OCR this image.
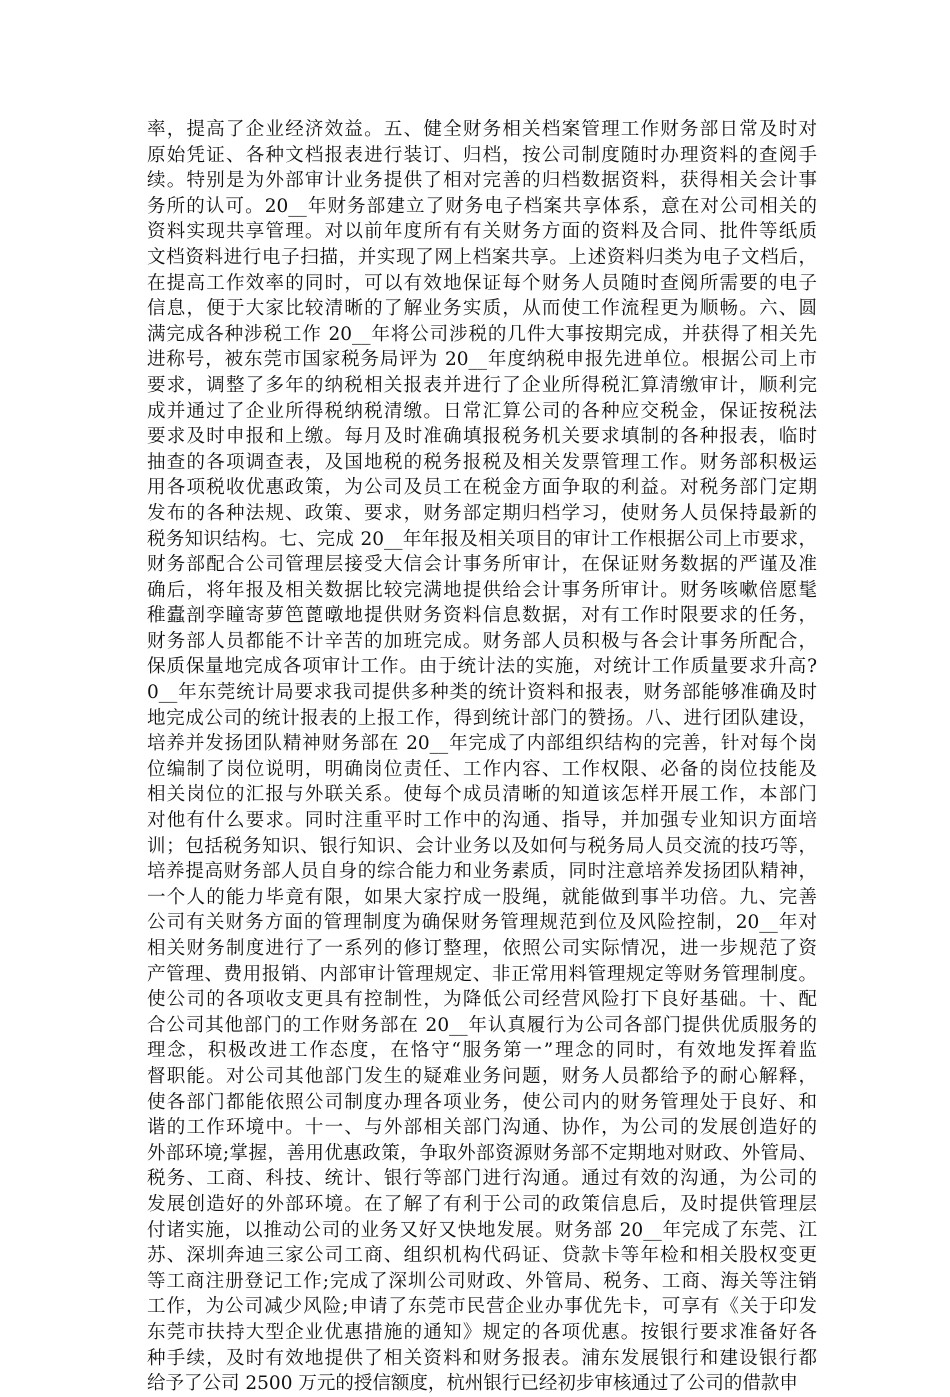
率，提高了企业经济效益。五、健全财务相关档案管理工作财务部日常及时对
原始凭证、各种文档报表进行装订、归档，按公司制度随时办理资料的查阅手
续。特别是为外部审计业务提供了相对完善的归档数据资料，获得相关会计事
务所的认可。20__年财务部建立了财务电子档案共享体系，意在对公司相关的
资料实现共享管理。对以前年度所有有关财务方面的资料及合同、批件等纸质
文档资料进行电子扫描，并实现了网上档案共享。上述资料归类为电子文档后，
在提高工作效率的同时，可以有效地保证每个财务人员随时查阅所需要的电子
信息，便于大家比较清晰的了解业务实质，从而使工作流程更为顺畅。六、圆
满完成各种涉税工作 20__年将公司涉税的几件大事按期完成，并获得了相关先
进称号，被东莞市国家税务局评为 20__年度纳税申报先进单位。根据公司上市
要求，调整了多年的纳税相关报表并进行了企业所得税汇算清缴审计，顺利完
成并通过了企业所得税纳税清缴。日常汇算公司的各种应交税金，保证按税法
要求及时申报和上缴。每月及时准确填报税务机关要求填制的各种报表，临时
抽查的各项调查表，及国地税的税务报税及相关发票管理工作。财务部积极运
用各项税收优惠政策，为公司及员工在税金方面争取的利益。对税务部门定期
发布的各种法规、政策、要求，财务部定期归档学习，使财务人员保持最新的
税务知识结构。七、完成 20__年年报及相关项目的审计工作根据公司上市要求，
财务部配合公司管理层接受大信会计事务所审计，在保证财务数据的严谨及准
确后，将年报及相关数据比较完满地提供给会计事务所审计。财务咳嗽倍愿髦
稚蠹剖孪瞳寄萝笆蓖暾地提供财务资料信息数据，对有工作时限要求的任务，
财务部人员都能不计辛苦的加班完成。财务部人员积极与各会计事务所配合，
保质保量地完成各项审计工作。由于统计法的实施，对统计工作质量要求升高?
0__年东莞统计局要求我司提供多种类的统计资料和报表，财务部能够准确及时
地完成公司的统计报表的上报工作，得到统计部门的赞扬。八、进行团队建设，
培养并发扬团队精神财务部在 20__年完成了内部组织结构的完善，针对每个岗
位编制了岗位说明，明确岗位责任、工作内容、工作权限、必备的岗位技能及
相关岗位的汇报与外联关系。使每个成员清晰的知道该怎样开展工作，本部门
对他有什么要求。同时注重平时工作中的沟通、指导，并加强专业知识方面培
训；包括税务知识、银行知识、会计业务以及如何与税务局人员交流的技巧等，
培养提高财务部人员自身的综合能力和业务素质，同时注意培养发扬团队精神，
一个人的能力毕竟有限，如果大家拧成一股绳，就能做到事半功倍。九、完善
公司有关财务方面的管理制度为确保财务管理规范到位及风险控制，20__年对
相关财务制度进行了一系列的修订整理，依照公司实际情况，进一步规范了资
产管理、费用报销、内部审计管理规定、非正常用料管理规定等财务管理制度。
使公司的各项收支更具有控制性，为降低公司经营风险打下良好基础。十、配
合公司其他部门的工作财务部在 20__年认真履行为公司各部门提供优质服务的
理念，积极改进工作态度，在恪守“服务第一”理念的同时，有效地发挥着监
督职能。对公司其他部门发生的疑难业务问题，财务人员都给予的耐心解释，
使各部门都能依照公司制度办理各项业务，使公司内的财务管理处于良好、和
谐的工作环境中。十一、与外部相关部门沟通、协作，为公司的发展创造好的
外部环境;掌握，善用优惠政策，争取外部资源财务部不定期地对财政、外管局、
税务、工商、科技、统计、银行等部门进行沟通。通过有效的沟通，为公司的
发展创造好的外部环境。在了解了有利于公司的政策信息后，及时提供管理层
付诸实施，以推动公司的业务又好又快地发展。财务部 20__年完成了东莞、江
苏、深圳奔迪三家公司工商、组织机构代码证、贷款卡等年检和相关股权变更
等工商注册登记工作;完成了深圳公司财政、外管局、税务、工商、海关等注销
工作，为公司减少风险;申请了东莞市民营企业办事优先卡，可享有《关于印发
东莞市扶持大型企业优惠措施的通知》规定的各项优惠。按银行要求准备好各
种手续，及时有效地提供了相关资料和财务报表。浦东发展银行和建设银行都
给予了公司 2500 万元的授信额度，杭州银行已经初步审核通过了公司的借款申
